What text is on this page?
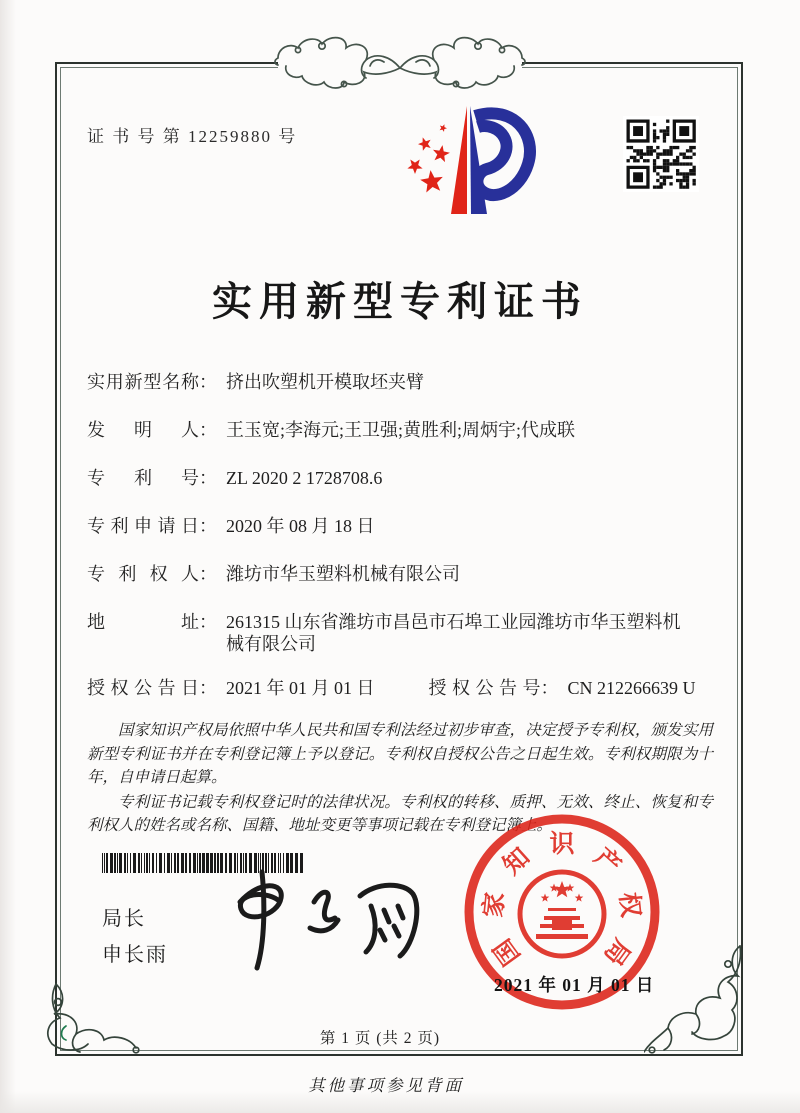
证 书 号 第 12259880 号
实用新型专利证书
实用新型名称 ： 挤出吹塑机开模取坯夹臂
发明人 ： 王玉宽;李海元;王卫强;黄胜利;周炳宇;代成联
专利号 ： ZL 2020 2 1728708.6
专利申请日 ： 2020 年 08 月 18 日
专利权人 ： 潍坊市华玉塑料机械有限公司
地址 ： 261315 山东省潍坊市昌邑市石埠工业园潍坊市华玉塑料机械有限公司
授权公告日 ： 2021 年 01 月 01 日	授权公告号 ： CN 212266639 U

国家知识产权局依照中华人民共和国专利法经过初步审查，决定授予专利权，颁发实用新型专利证书并在专利登记簿上予以登记。专利权自授权公告之日起生效。专利权期限为十年，自申请日起算。

专利证书记载专利权登记时的法律状况。专利权的转移、质押、无效、终止、恢复和专利权人的姓名或名称、国籍、地址变更等事项记载在专利登记簿上。

局长
申长雨	国
家
知 识 产
权
局
2021 年 01 月 01 日
第 1 页 (共 2 页)
其他事项参见背面
